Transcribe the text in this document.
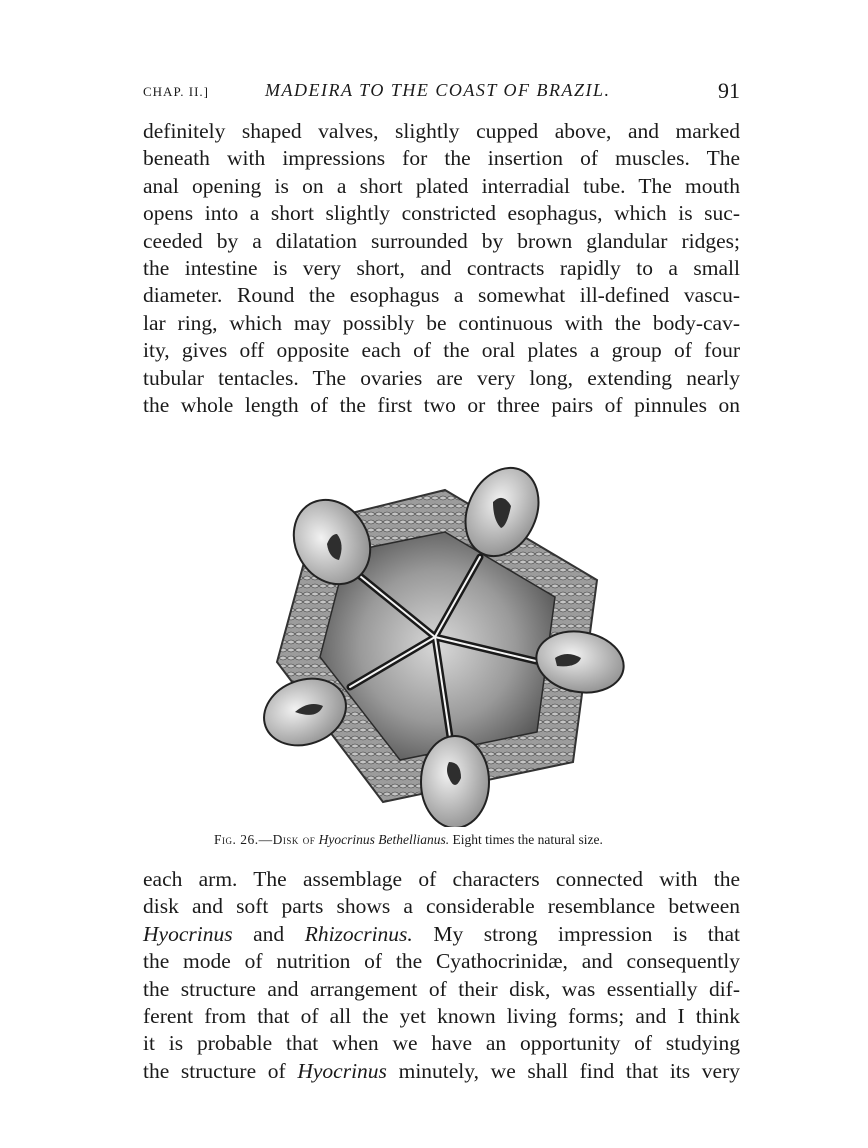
CHAP. II.]	MADEIRA TO THE COAST OF BRAZIL.	91
definitely shaped valves, slightly cupped above, and marked
beneath with impressions for the insertion of muscles. The
anal opening is on a short plated interradial tube. The mouth
opens into a short slightly constricted esophagus, which is suc-
ceeded by a dilatation surrounded by brown glandular ridges;
the intestine is very short, and contracts rapidly to a small
diameter. Round the esophagus a somewhat ill-defined vascu-
lar ring, which may possibly be continuous with the body-cav-
ity, gives off opposite each of the oral plates a group of four
tubular tentacles. The ovaries are very long, extending nearly
the whole length of the first two or three pairs of pinnules on
Fig. 26.—Disk of Hyocrinus Bethellianus. Eight times the natural size.
each arm. The assemblage of characters connected with the
disk and soft parts shows a considerable resemblance between
Hyocrinus and Rhizocrinus. My strong impression is that
the mode of nutrition of the Cyathocrinidæ, and consequently
the structure and arrangement of their disk, was essentially dif-
ferent from that of all the yet known living forms; and I think
it is probable that when we have an opportunity of studying
the structure of Hyocrinus minutely, we shall find that its very
